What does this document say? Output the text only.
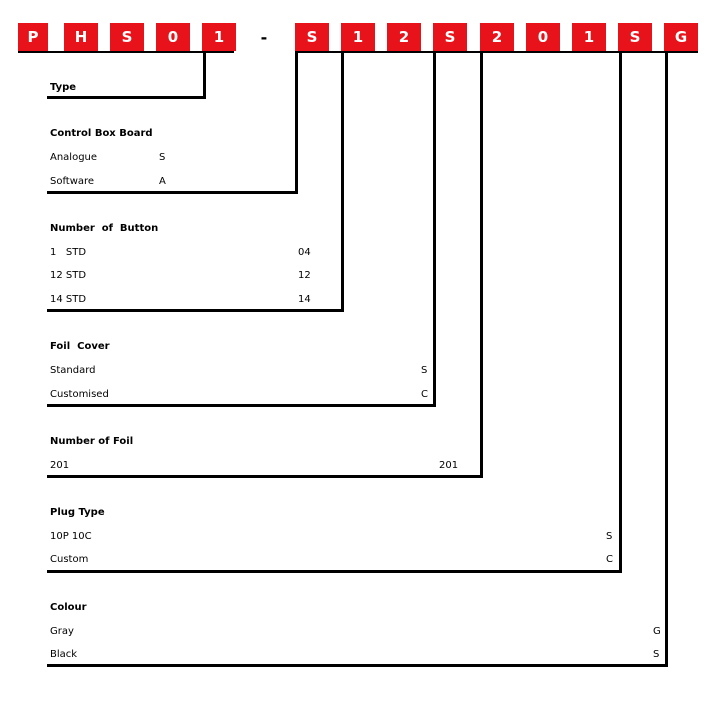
P	H	S	0	1	-	S	1	2	S	2	0	1	S	G
Type
Control Box Board
Analogue	S
Software	A
Number  of  Button
1   STD	04
12 STD	12
14 STD	14
Foil  Cover
Standard	S
Customised	C
Number of Foil
201	201
Plug Type
10P 10C	S
Custom	C
Colour
Gray	G
Black	S
